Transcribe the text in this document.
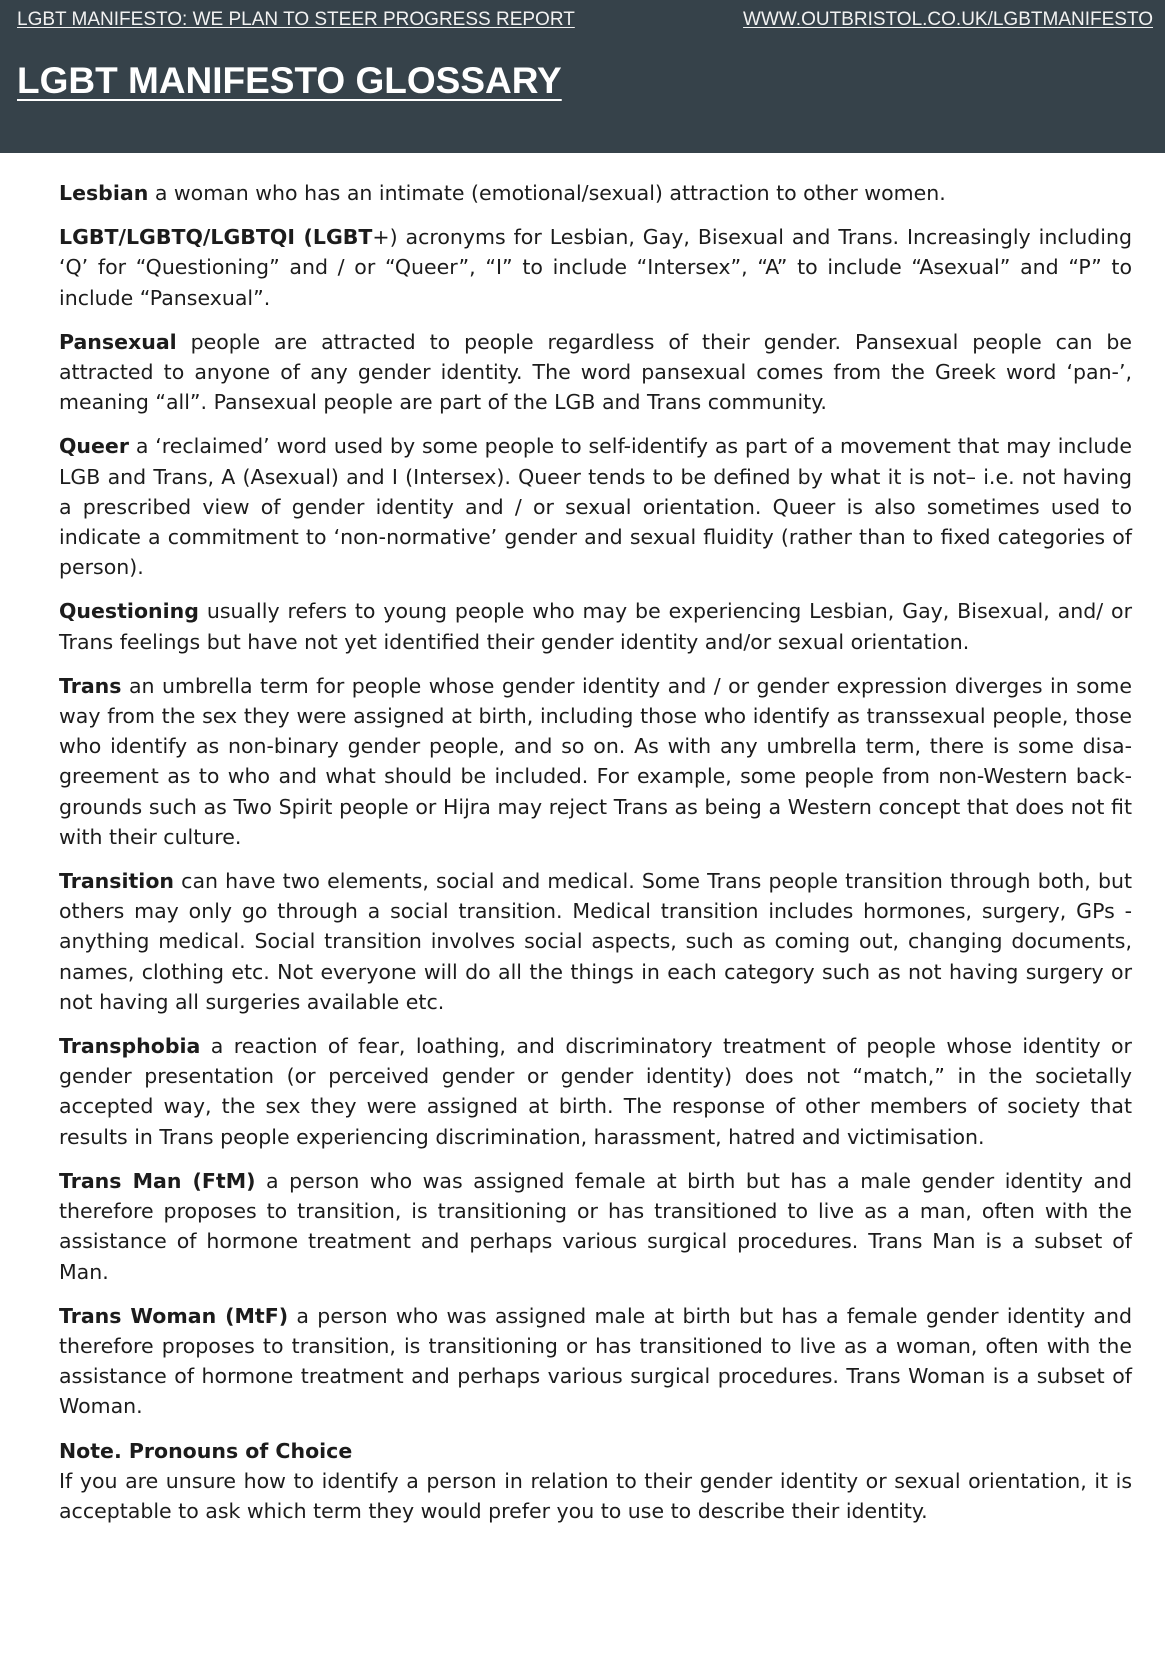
LGBT MANIFESTO: WE PLAN TO STEER PROGRESS REPORT	WWW.OUTBRISTOL.CO.UK/LGBTMANIFESTO
LGBT MANIFESTO GLOSSARY

Lesbian a woman who has an intimate (emotional/sexual) attraction to other women.

LGBT/LGBTQ/LGBTQI (LGBT+) acronyms for Lesbian, Gay, Bisexual and Trans. Increasingly including ‘Q’ for “Questioning” and / or “Queer”, “I” to include “Intersex”, “A” to include “Asexual” and “P” to include “Pansexual”.

Pansexual people are attracted to people regardless of their gender. Pansexual people can be attracted to anyone of any gender identity. The word pansexual comes from the Greek word ‘pan-’, meaning “all”. Pansexual people are part of the LGB and Trans community.

Queer a ‘reclaimed’ word used by some people to self-identify as part of a movement that may include LGB and Trans, A (Asexual) and I (Intersex). Queer tends to be defined by what it is not– i.e. not having a prescribed view of gender identity and / or sexual orientation. Queer is also sometimes used to indicate a commitment to ‘non-normative’ gender and sexual fluidity (rather than to fixed categories of person).

Questioning usually refers to young people who may be experiencing Lesbian, Gay, Bisexual, and/ or Trans feelings but have not yet identified their gender identity and/or sexual orientation.

Trans an umbrella term for people whose gender identity and / or gender expression diverges in some way from the sex they were assigned at birth, including those who identify as transsexual people, those who identify as non-binary gender people, and so on. As with any umbrella term, there is some disagreement as to who and what should be included. For example, some people from non-Western backgrounds such as Two Spirit people or Hijra may reject Trans as being a Western concept that does not fit with their culture.

Transition can have two elements, social and medical. Some Trans people transition through both, but others may only go through a social transition. Medical transition includes hormones, surgery, GPs - anything medical. Social transition involves social aspects, such as coming out, changing documents, names, clothing etc. Not everyone will do all the things in each category such as not having surgery or not having all surgeries available etc.

Transphobia a reaction of fear, loathing, and discriminatory treatment of people whose identity or gender presentation (or perceived gender or gender identity) does not “match,” in the societally accepted way, the sex they were assigned at birth. The response of other members of society that results in Trans people experiencing discrimination, harassment, hatred and victimisation.

Trans Man (FtM) a person who was assigned female at birth but has a male gender identity and therefore proposes to transition, is transitioning or has transitioned to live as a man, often with the assistance of hormone treatment and perhaps various surgical procedures. Trans Man is a subset of Man.

Trans Woman (MtF) a person who was assigned male at birth but has a female gender identity and therefore proposes to transition, is transitioning or has transitioned to live as a woman, often with the assistance of hormone treatment and perhaps various surgical procedures. Trans Woman is a subset of Woman.

Note. Pronouns of Choice
If you are unsure how to identify a person in relation to their gender identity or sexual orientation, it is acceptable to ask which term they would prefer you to use to describe their identity.
